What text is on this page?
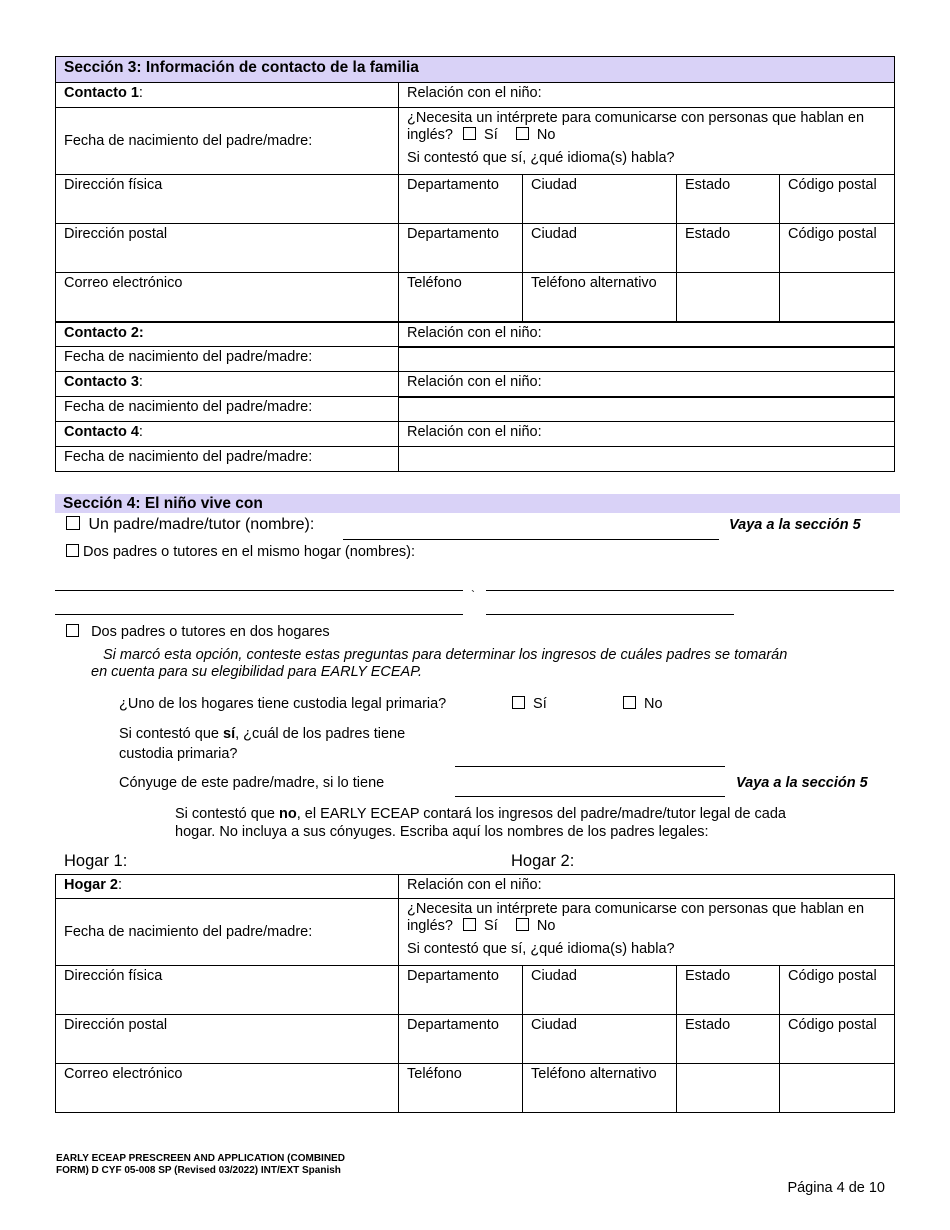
Sección 3: Información de contacto de la familia				
Contacto 1:	Relación con el niño:			
Fecha de nacimiento del padre/madre:	¿Necesita un intérprete para comunicarse con personas que hablan en inglés? Sí No
Si contestó que sí, ¿qué idioma(s) habla?			

Dirección física	Departamento	Ciudad	Estado	Código postal
Dirección postal	Departamento	Ciudad	Estado	Código postal
Correo electrónico	Teléfono	Teléfono alternativo		
Contacto 2:	Relación con el niño:			
Fecha de nacimiento del padre/madre:				
Contacto 3:	Relación con el niño:			
Fecha de nacimiento del padre/madre:				
Contacto 4:	Relación con el niño:			
Fecha de nacimiento del padre/madre:				
Sección 4: El niño vive con
Un padre/madre/tutor (nombre):	Vaya a la sección 5
Dos padres o tutores en el mismo hogar (nombres):
`
Dos padres o tutores en dos hogares
Si marcó esta opción, conteste estas preguntas para determinar los ingresos de cuáles padres se tomarán
en cuenta para su elegibilidad para EARLY ECEAP.
¿Uno de los hogares tiene custodia legal primaria?	Sí	No
Si contestó que sí, ¿cuál de los padres tiene
custodia primaria?
Cónyuge de este padre/madre, si lo tiene	Vaya a la sección 5
Si contestó que no, el EARLY ECEAP contará los ingresos del padre/madre/tutor legal de cada
hogar. No incluya a sus cónyuges. Escriba aquí los nombres de los padres legales:
Hogar 1:	Hogar 2:
Hogar 2:	Relación con el niño:			
Fecha de nacimiento del padre/madre:	¿Necesita un intérprete para comunicarse con personas que hablan en inglés? Sí No
Si contestó que sí, ¿qué idioma(s) habla?			

Dirección física	Departamento	Ciudad	Estado	Código postal
Dirección postal	Departamento	Ciudad	Estado	Código postal
Correo electrónico	Teléfono	Teléfono alternativo		
EARLY ECEAP PRESCREEN AND APPLICATION (COMBINED
FORM) D CYF 05-008 SP (Revised 03/2022) INT/EXT Spanish
Página 4 de 10
